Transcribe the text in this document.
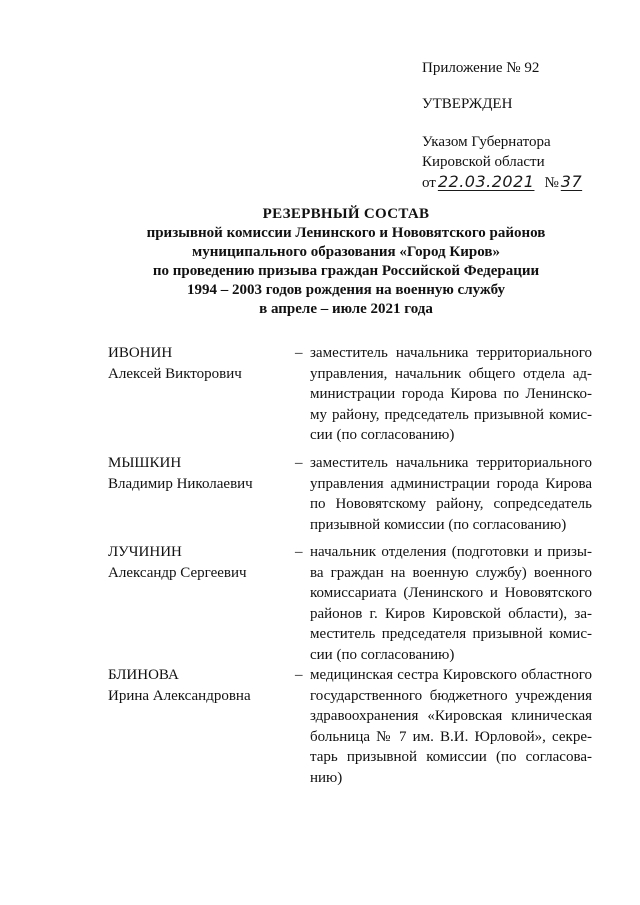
Приложение № 92
УТВЕРЖДЕН
Указом Губернатора
Кировской области
от 22.03.2021 № 37
РЕЗЕРВНЫЙ СОСТАВ
призывной комиссии Ленинского и Нововятского районов
муниципального образования «Город Киров»
по проведению призыва граждан Российской Федерации
1994 – 2003 годов рождения на военную службу
в апреле – июле 2021 года
ИВОНИН
Алексей Викторович
– заместитель начальника территориального управления, начальник общего отдела администрации города Кирова по Ленинскому району, председатель призывной комиссии (по согласованию)
МЫШКИН
Владимир Николаевич
– заместитель начальника территориального управления администрации города Кирова по Нововятскому району, сопредседатель призывной комиссии (по согласованию)
ЛУЧИНИН
Александр Сергеевич
– начальник отделения (подготовки и призыва граждан на военную службу) военного комиссариата (Ленинского и Нововятского районов г. Киров Кировской области), заместитель председателя призывной комиссии (по согласованию)
БЛИНОВА
Ирина Александровна
– медицинская сестра Кировского областного государственного бюджетного учреждения здравоохранения «Кировская клиническая больница № 7 им. В.И. Юрловой», секретарь призывной комиссии (по согласованию)
